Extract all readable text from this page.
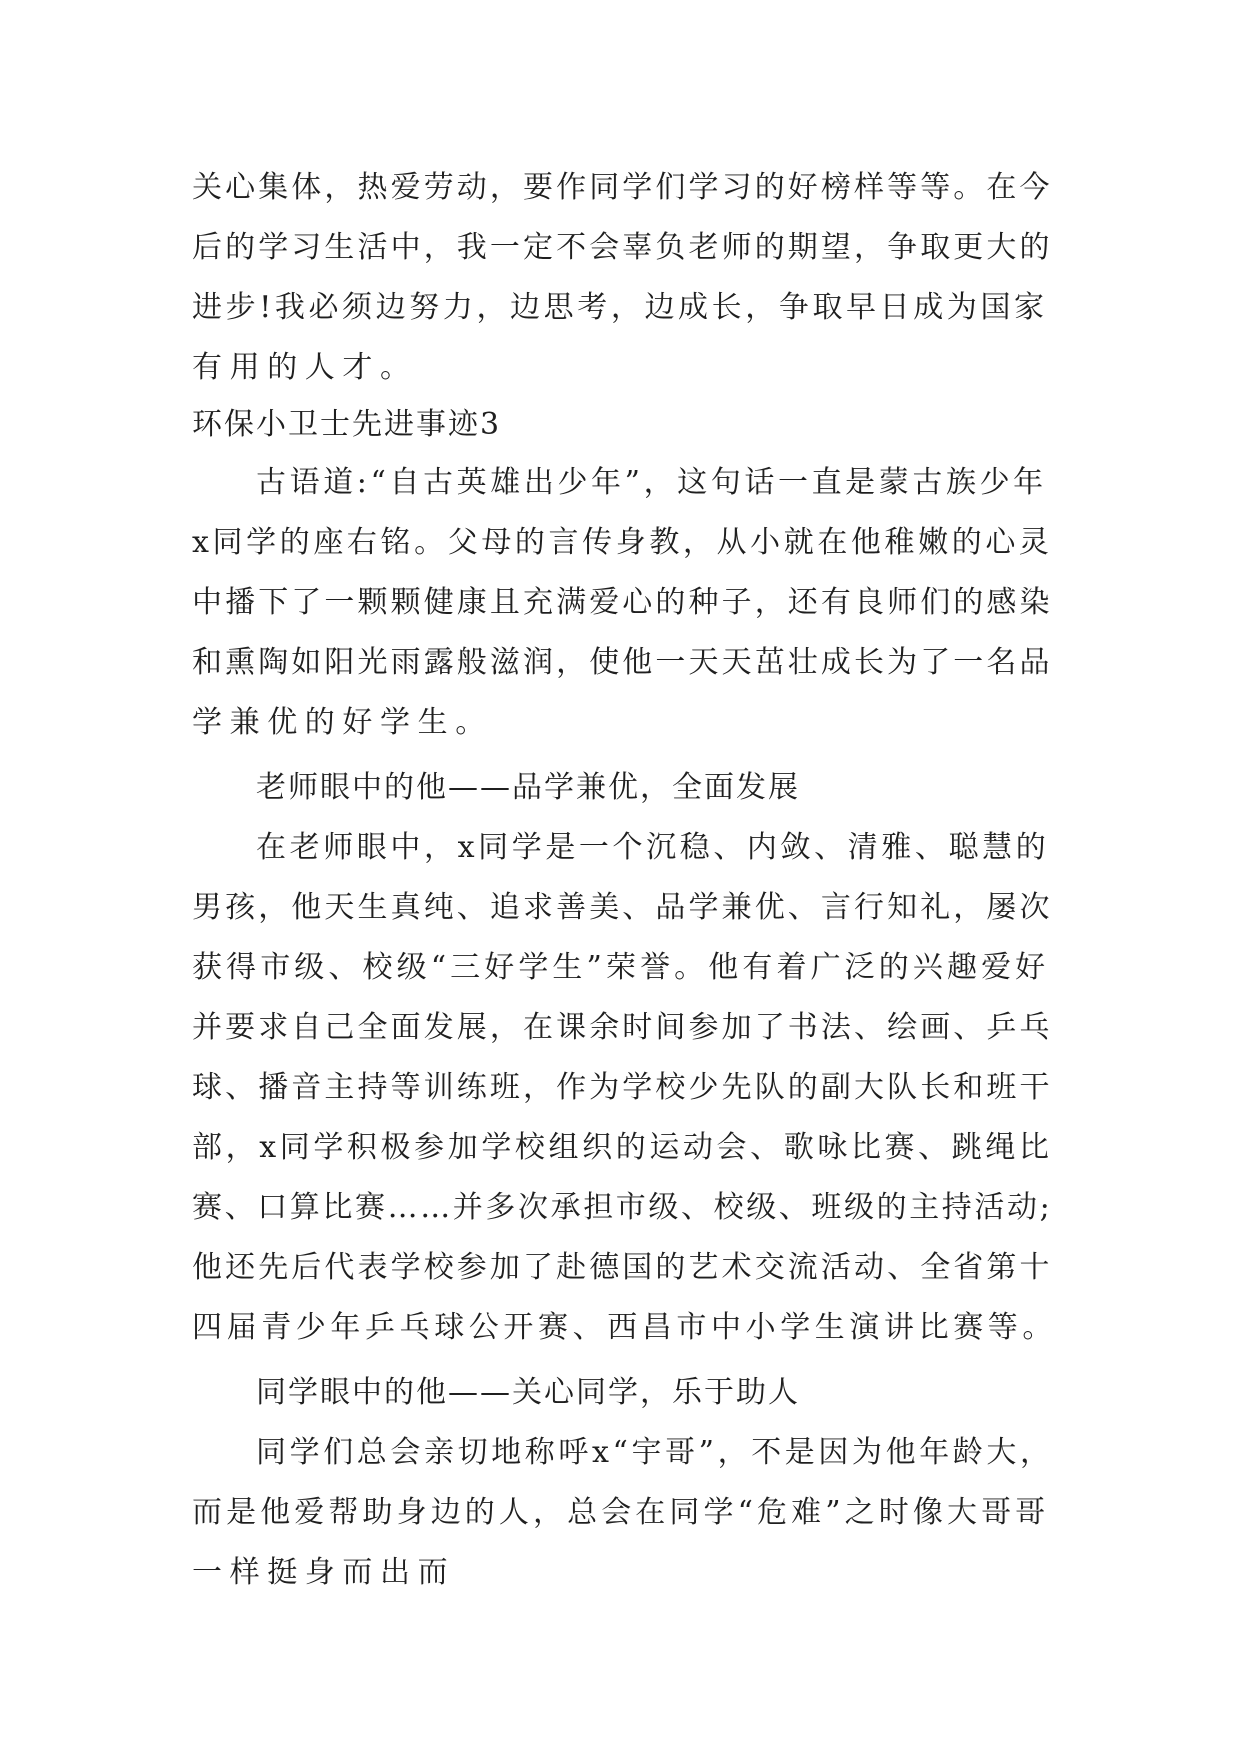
关心集体，热爱劳动，要作同学们学习的好榜样等等。在今
后的学习生活中，我一定不会辜负老师的期望，争取更大的
进步!我必须边努力，边思考，边成长，争取早日成为国家
有用的人才。
环保小卫士先进事迹3
古语道:“自古英雄出少年”，这句话一直是蒙古族少年
x同学的座右铭。父母的言传身教，从小就在他稚嫩的心灵
中播下了一颗颗健康且充满爱心的种子，还有良师们的感染
和熏陶如阳光雨露般滋润，使他一天天茁壮成长为了一名品
学兼优的好学生。
老师眼中的他——品学兼优，全面发展
在老师眼中，x同学是一个沉稳、内敛、清雅、聪慧的
男孩，他天生真纯、追求善美、品学兼优、言行知礼，屡次
获得市级、校级“三好学生”荣誉。他有着广泛的兴趣爱好
并要求自己全面发展，在课余时间参加了书法、绘画、乒乓
球、播音主持等训练班，作为学校少先队的副大队长和班干
部，x同学积极参加学校组织的运动会、歌咏比赛、跳绳比
赛、口算比赛……并多次承担市级、校级、班级的主持活动;
他还先后代表学校参加了赴德国的艺术交流活动、全省第十
四届青少年乒乓球公开赛、西昌市中小学生演讲比赛等。
同学眼中的他——关心同学，乐于助人
同学们总会亲切地称呼x“宇哥”，不是因为他年龄大，
而是他爱帮助身边的人，总会在同学“危难”之时像大哥哥
一样挺身而出而
